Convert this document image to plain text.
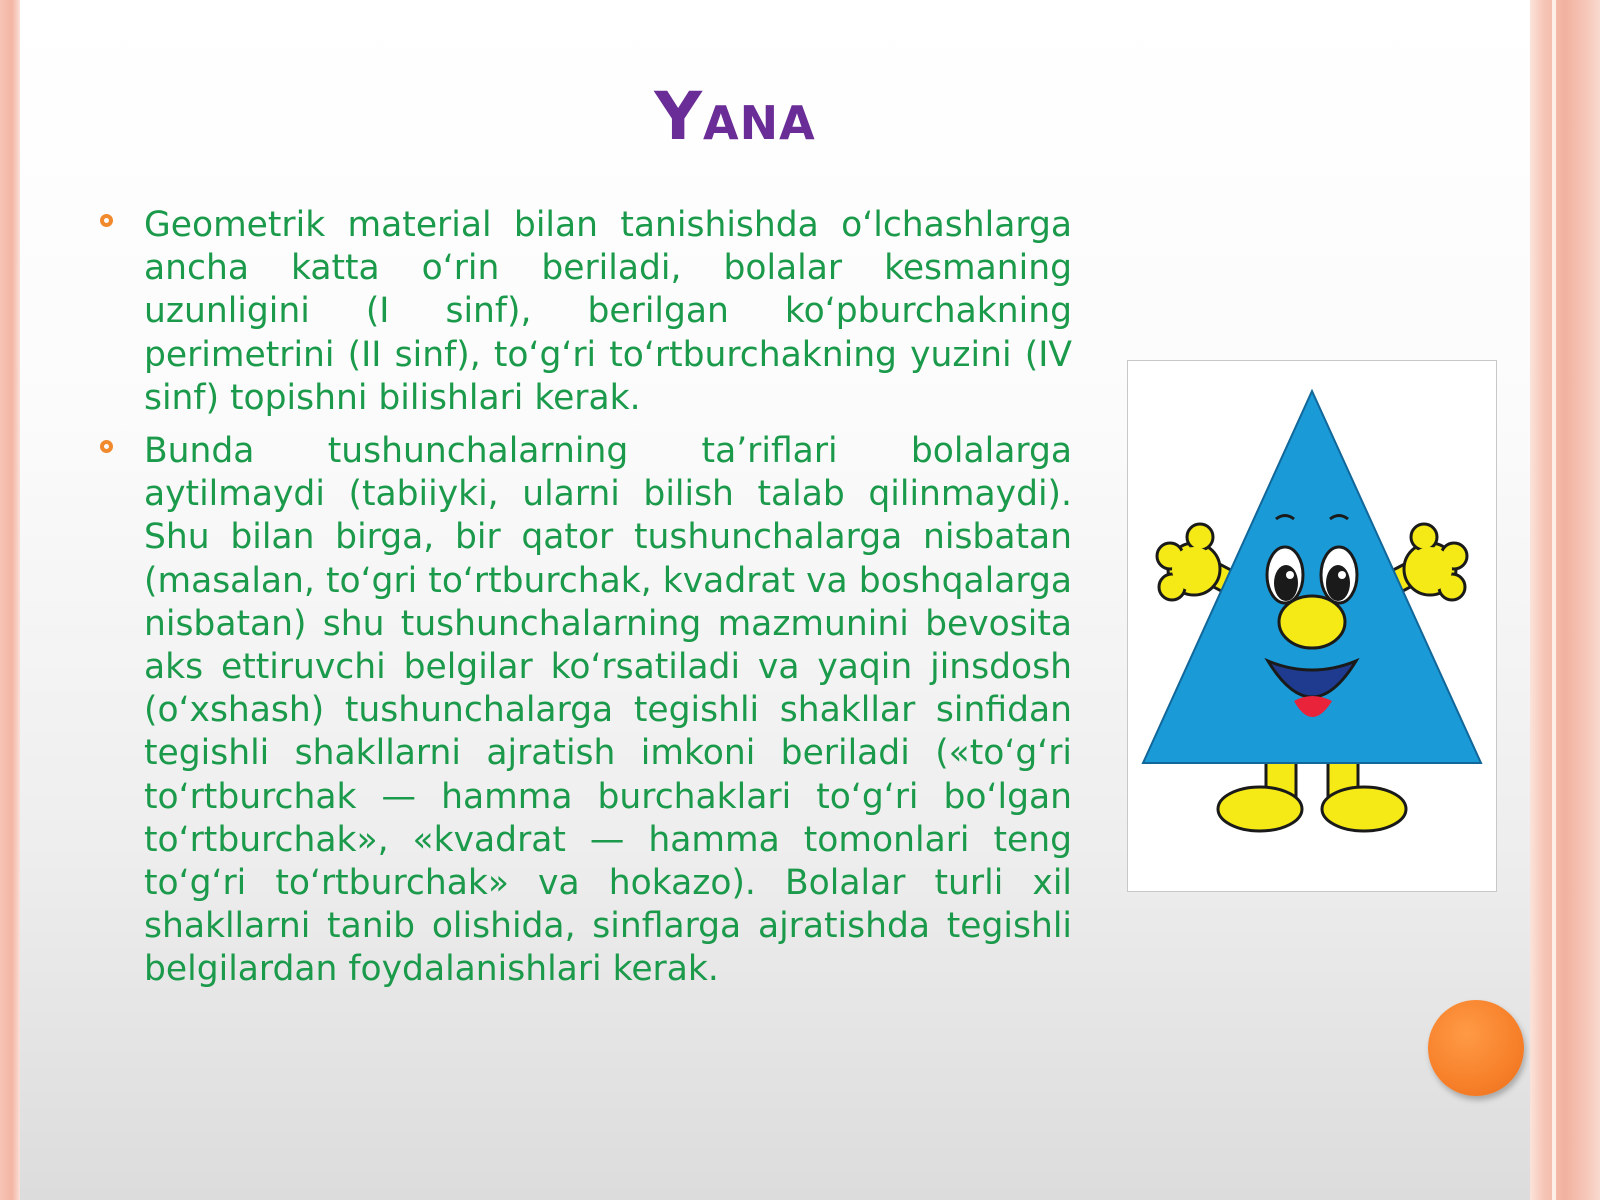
Yana

Geometrik material bilan tanishishda oʻlchashlarga ancha katta oʻrin beriladi, bolalar kesmaning uzunligini (I sinf), berilgan koʻpburchakning perimetrini (II sinf), toʻgʻri toʻrtburchakning yuzini (IV sinf) topishni bilishlari kerak.

Bunda tushunchalarning taʼriflari bolalarga aytilmaydi (tabiiyki, ularni bilish talab qilinmaydi). Shu bilan birga, bir qator tushunchalarga nisbatan (masalan, toʻgri toʻrtburchak, kvadrat va boshqalarga nisbatan) shu tushunchalarning mazmunini bevosita aks ettiruvchi belgilar koʻrsatiladi va yaqin jinsdosh (oʻxshash) tushunchalarga tegishli shakllar sinfidan tegishli shakllarni ajratish imkoni beriladi («toʻgʻri toʻrtburchak — hamma burchaklari toʻgʻri boʻlgan toʻrtburchak», «kvadrat — hamma tomonlari teng toʻgʻri toʻrtburchak» va hokazo). Bolalar turli xil shakllarni tanib olishida, sinflarga ajratishda tegishli belgilardan foydalanishlari kerak.
